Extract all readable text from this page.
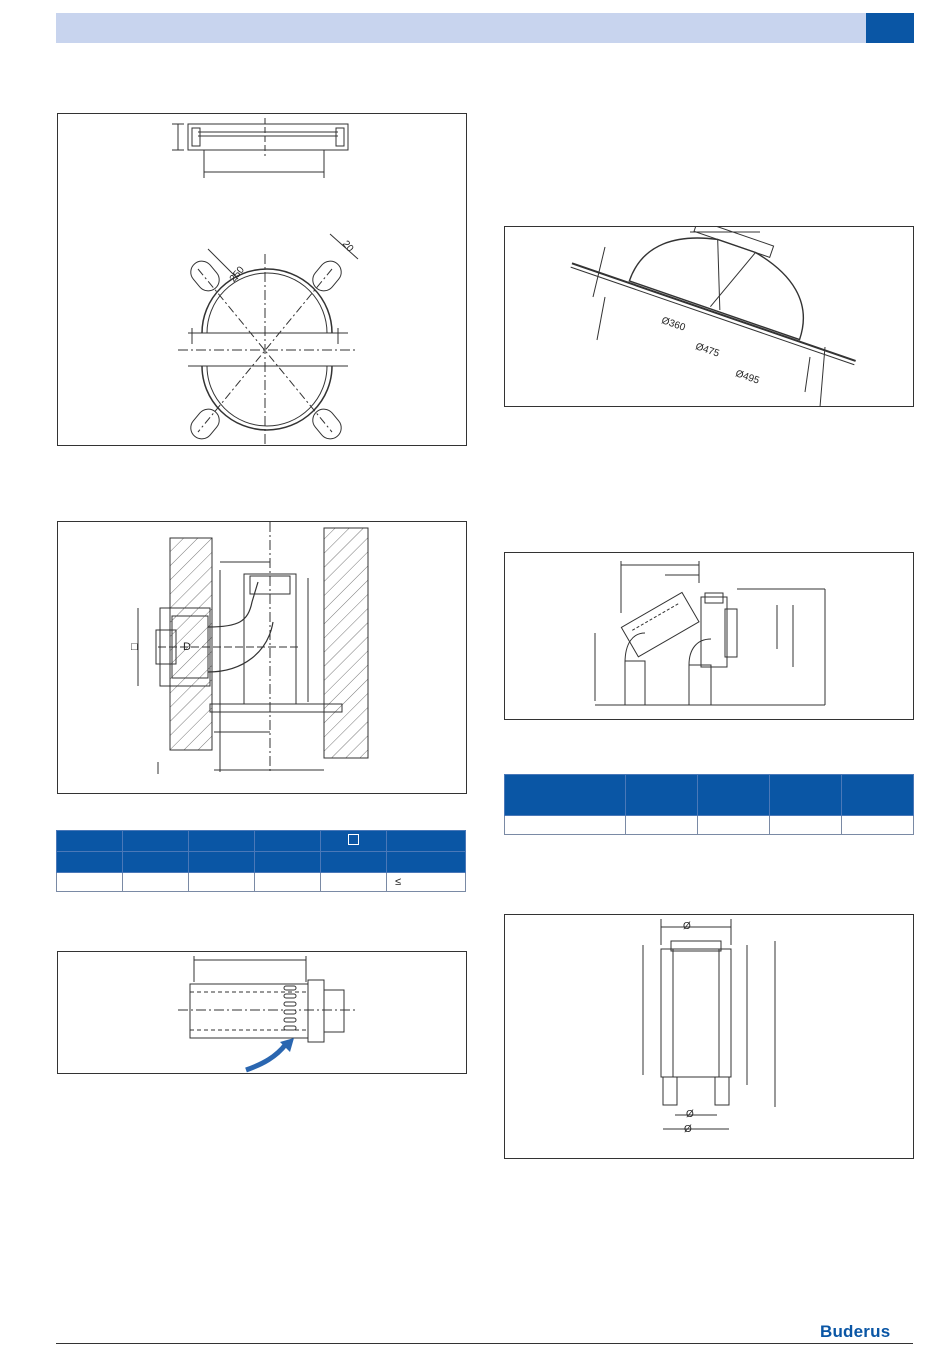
250
20
Ø360
Ø475
Ø495
D
□
Ø
Ø
Ø

					≤

Buderus
